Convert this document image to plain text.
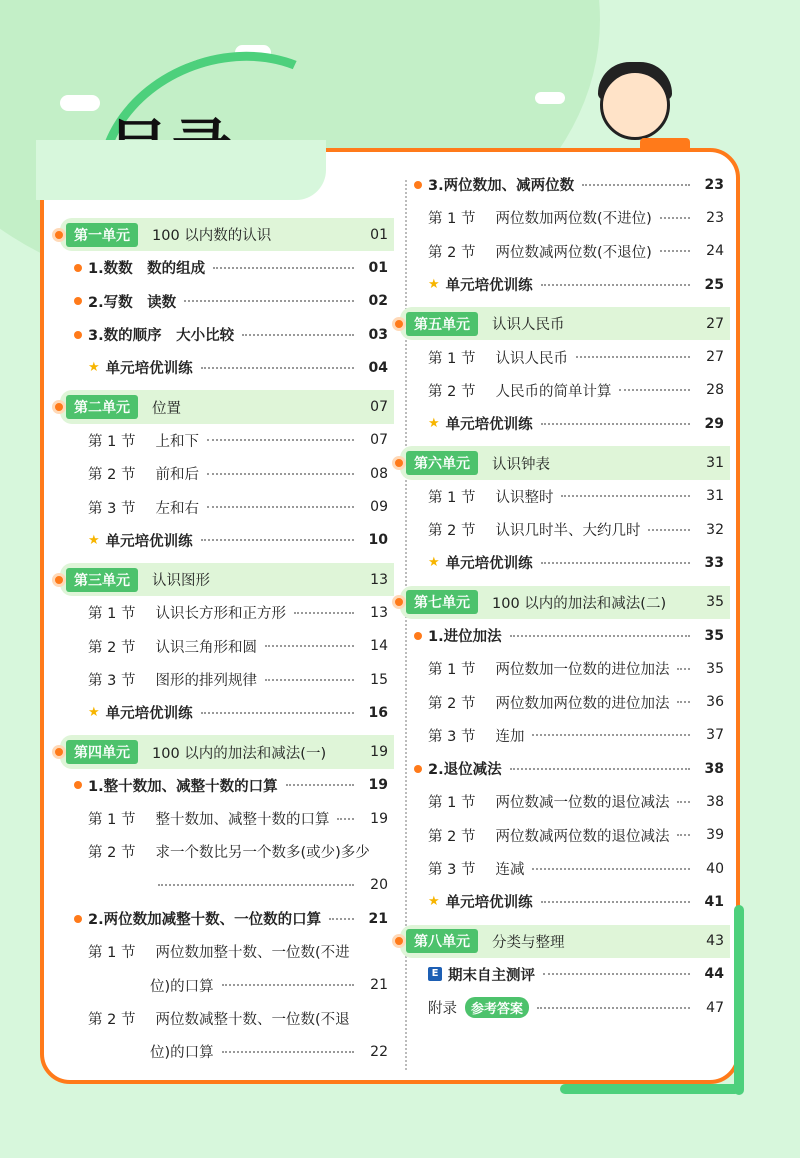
第一单元	100 以内数的认识	01
1.数数　数的组成	01
2.写数　读数	02
3.数的顺序　大小比较	03
★ 单元培优训练	04
第二单元	位置	07
第 1 节 上和下	07
第 2 节 前和后	08
第 3 节 左和右	09
★ 单元培优训练	10
第三单元	认识图形	13
第 1 节 认识长方形和正方形	13
第 2 节 认识三角形和圆	14
第 3 节 图形的排列规律	15
★ 单元培优训练	16
第四单元	100 以内的加法和减法(一)	19
1.整十数加、减整十数的口算	19
第 1 节 整十数加、减整十数的口算	19
第 2 节 求一个数比另一个数多(或少)多少
20
2.两位数加减整十数、一位数的口算	21
第 1 节 两位数加整十数、一位数(不进
位)的口算	21
第 2 节 两位数减整十数、一位数(不退
位)的口算	22
3.两位数加、减两位数	23
第 1 节 两位数加两位数(不进位)	23
第 2 节 两位数减两位数(不退位)	24
★ 单元培优训练	25
第五单元	认识人民币	27
第 1 节 认识人民币	27
第 2 节 人民币的简单计算	28
★ 单元培优训练	29
第六单元	认识钟表	31
第 1 节 认识整时	31
第 2 节 认识几时半、大约几时	32
★ 单元培优训练	33
第七单元	100 以内的加法和减法(二)	35
1.进位加法	35
第 1 节 两位数加一位数的进位加法	35
第 2 节 两位数加两位数的进位加法	36
第 3 节 连加	37
2.退位减法	38
第 1 节 两位数减一位数的退位减法	38
第 2 节 两位数减两位数的退位减法	39
第 3 节 连减	40
★ 单元培优训练	41
第八单元	分类与整理	43
E 期末自主测评	44
附录	参考答案	47
